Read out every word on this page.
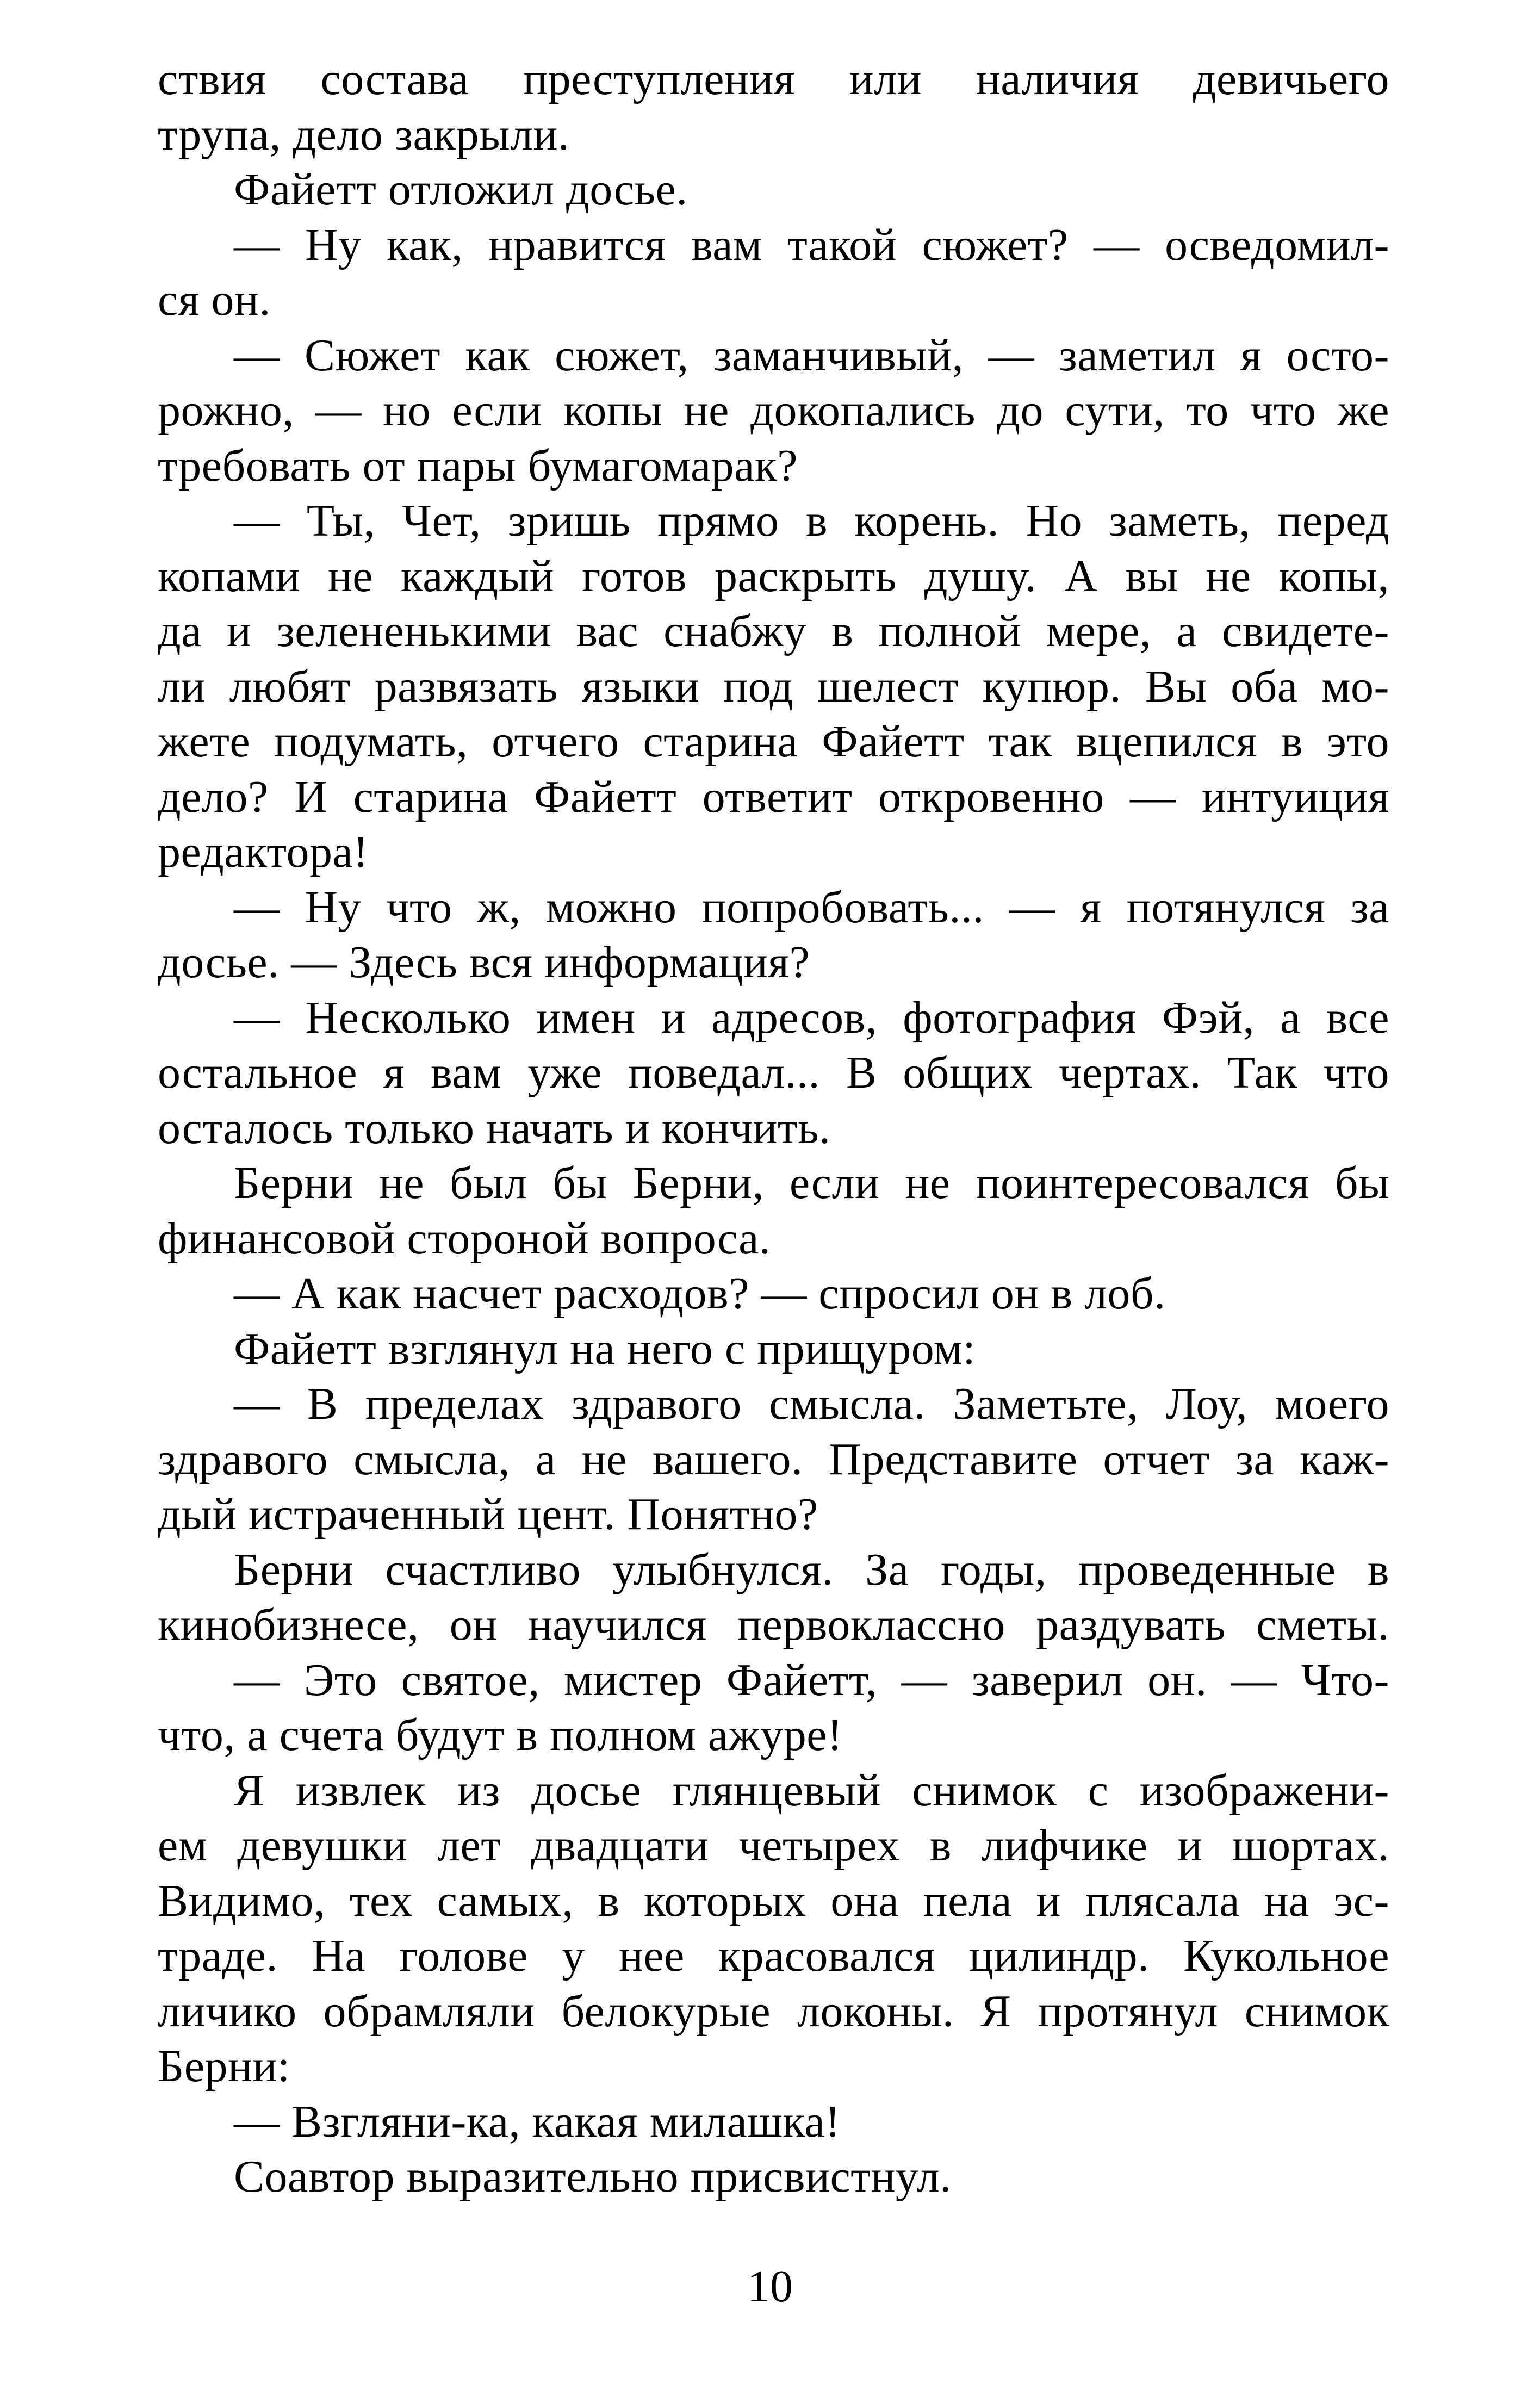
ствия состава преступления или наличия девичьего
трупа, дело закрыли.
Файетт отложил досье.
— Ну как, нравится вам такой сюжет? — осведомил-
ся он.
— Сюжет как сюжет, заманчивый, — заметил я осто-
рожно, — но если копы не докопались до сути, то что же
требовать от пары бумагомарак?
— Ты, Чет, зришь прямо в корень. Но заметь, перед
копами не каждый готов раскрыть душу. А вы не копы,
да и зелененькими вас снабжу в полной мере, а свидете-
ли любят развязать языки под шелест купюр. Вы оба мо-
жете подумать, отчего старина Файетт так вцепился в это
дело? И старина Файетт ответит откровенно — интуиция
редактора!
— Ну что ж, можно попробовать... — я потянулся за
досье. — Здесь вся информация?
— Несколько имен и адресов, фотография Фэй, а все
остальное я вам уже поведал... В общих чертах. Так что
осталось только начать и кончить.
Берни не был бы Берни, если не поинтересовался бы
финансовой стороной вопроса.
— А как насчет расходов? — спросил он в лоб.
Файетт взглянул на него с прищуром:
— В пределах здравого смысла. Заметьте, Лоу, моего
здравого смысла, а не вашего. Представите отчет за каж-
дый истраченный цент. Понятно?
Берни счастливо улыбнулся. За годы, проведенные в
кинобизнесе, он научился первоклассно раздувать сметы.
— Это святое, мистер Файетт, — заверил он. — Что-
что, а счета будут в полном ажуре!
Я извлек из досье глянцевый снимок с изображени-
ем девушки лет двадцати четырех в лифчике и шортах.
Видимо, тех самых, в которых она пела и плясала на эс-
траде. На голове у нее красовался цилиндр. Кукольное
личико обрамляли белокурые локоны. Я протянул снимок
Берни:
— Взгляни-ка, какая милашка!
Соавтор выразительно присвистнул.
10
